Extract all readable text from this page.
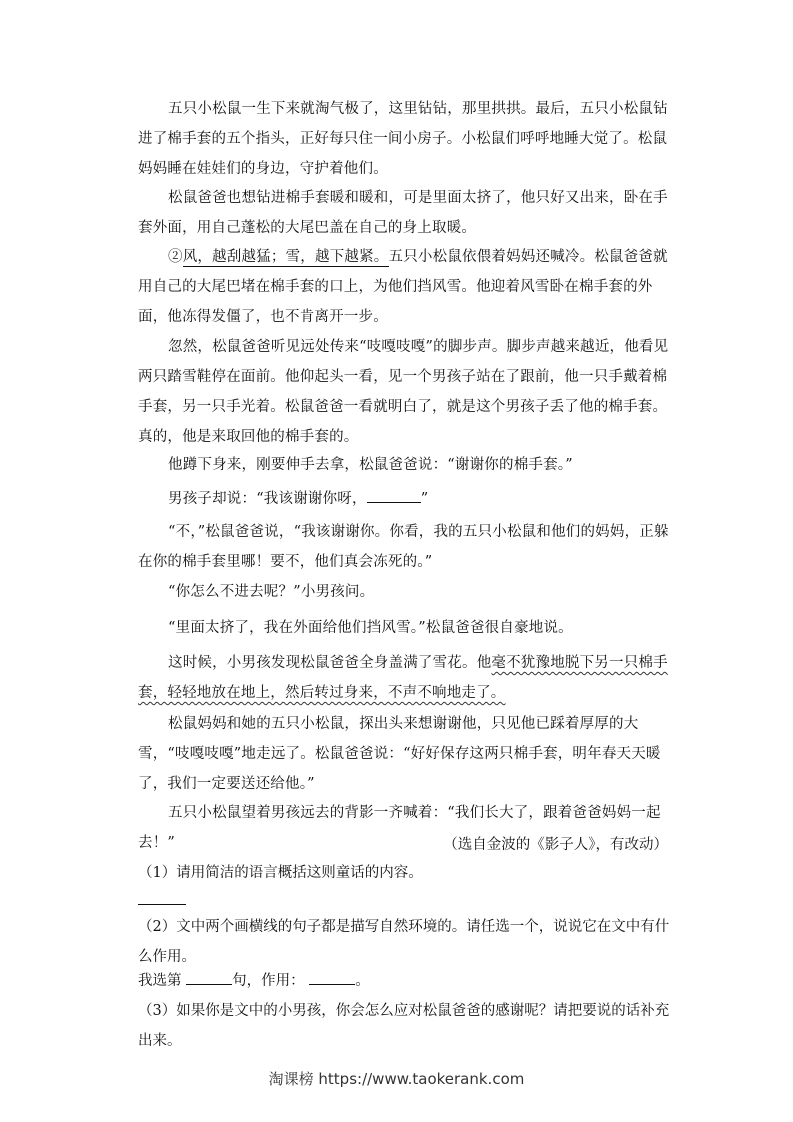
五只小松鼠一生下来就淘气极了，这里钻钻，那里拱拱。最后，五只小松鼠钻进了棉手套的五个指头，正好每只住一间小房子。小松鼠们呼呼地睡大觉了。松鼠妈妈睡在娃娃们的身边，守护着他们。

松鼠爸爸也想钻进棉手套暖和暖和，可是里面太挤了，他只好又出来，卧在手套外面，用自己蓬松的大尾巴盖在自己的身上取暖。

②风，越刮越猛；雪，越下越紧。五只小松鼠依偎着妈妈还喊冷。松鼠爸爸就用自己的大尾巴堵在棉手套的口上，为他们挡风雪。他迎着风雪卧在棉手套的外面，他冻得发僵了，也不肯离开一步。

忽然，松鼠爸爸听见远处传来“吱嘎吱嘎”的脚步声。脚步声越来越近，他看见两只踏雪鞋停在面前。他仰起头一看，见一个男孩子站在了跟前，他一只手戴着棉手套，另一只手光着。松鼠爸爸一看就明白了，就是这个男孩子丢了他的棉手套。真的，他是来取回他的棉手套的。

他蹲下身来，刚要伸手去拿，松鼠爸爸说：“谢谢你的棉手套。”

男孩子却说：“我该谢谢你呀，	”

“不，”松鼠爸爸说，“我该谢谢你。你看，我的五只小松鼠和他们的妈妈，正躲在你的棉手套里哪！要不，他们真会冻死的。”

“你怎么不进去呢？”小男孩问。

“里面太挤了，我在外面给他们挡风雪。”松鼠爸爸很自豪地说。

这时候，小男孩发现松鼠爸爸全身盖满了雪花。他毫不犹豫地脱下另一只棉手套，轻轻地放在地上，然后转过身来，不声不响地走了。

松鼠妈妈和她的五只小松鼠，探出头来想谢谢他，只见他已踩着厚厚的大雪，“吱嘎吱嘎”地走远了。松鼠爸爸说：“好好保存这两只棉手套，明年春天天暖了，我们一定要送还给他。”

五只小松鼠望着男孩远去的背影一齐喊着：“我们长大了，跟着爸爸妈妈一起去！”	（选自金波的《影子人》，有改动）

（1）请用简洁的语言概括这则童话的内容。

（2）文中两个画横线的句子都是描写自然环境的。请任选一个，说说它在文中有什么作用。

我选第	句，作用：	。

（3）如果你是文中的小男孩，你会怎么应对松鼠爸爸的感谢呢？请把要说的话补充出来。

淘课榜 https://www.taokerank.com
